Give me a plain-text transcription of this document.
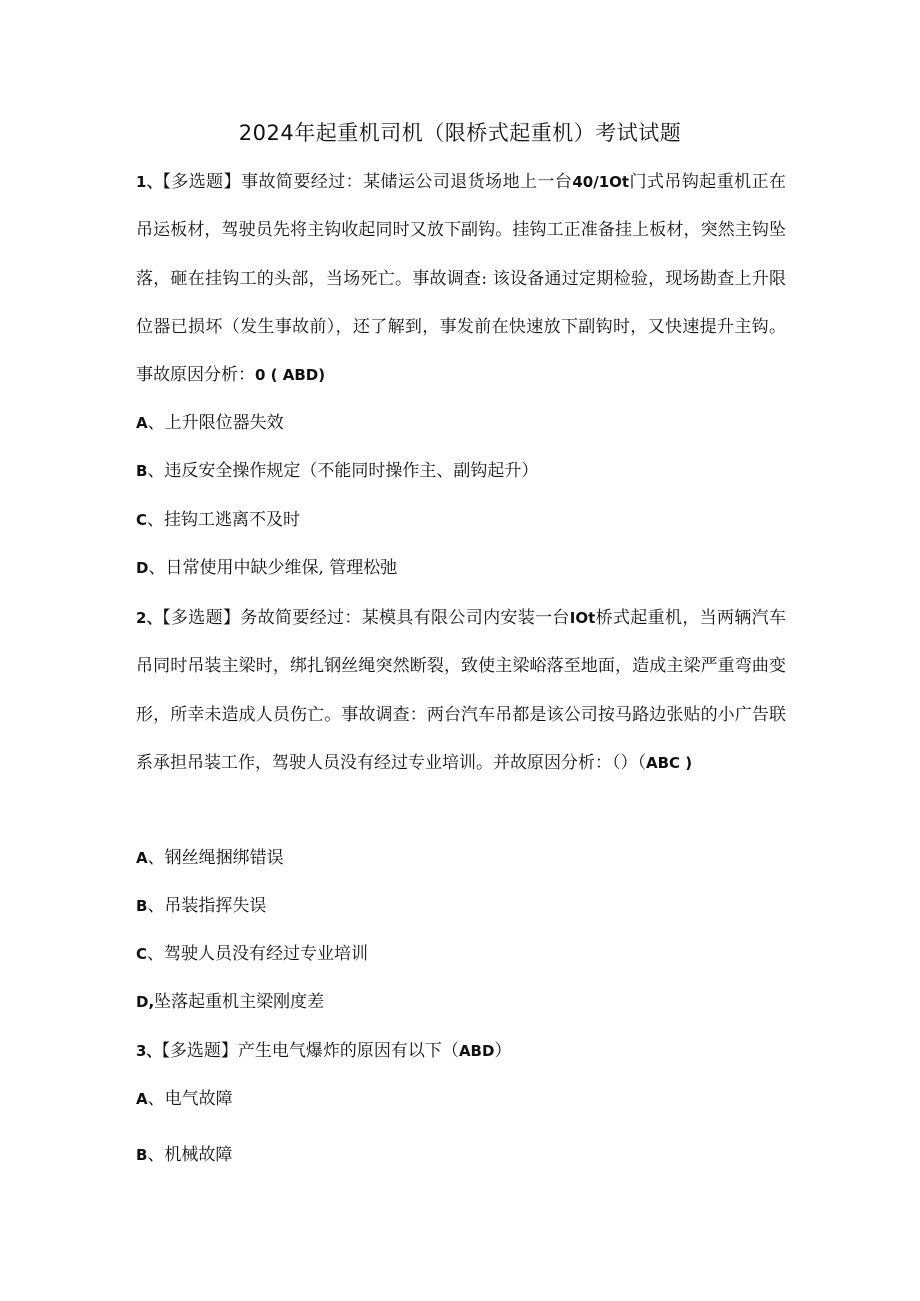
2024年起重机司机（限桥式起重机）考试试题
1、【多选题】事故简要经过：某储运公司退货场地上一台40/1Ot门式吊钩起重机正在吊运板材，驾驶员先将主钩收起同时又放下副钩。挂钩工正准备挂上板材，突然主钩坠落，砸在挂钩工的头部，当场死亡。事故调查: 该设备通过定期检验，现场勘查上升限位器已损坏（发生事故前），还了解到，事发前在快速放下副钩时，又快速提升主钩。事故原因分析：0 ( ABD)
A、上升限位器失效
B、违反安全操作规定（不能同时操作主、副钩起升）
C、挂钩工逃离不及时
D、日常使用中缺少维保, 管理松弛
2、【多选题】务故简要经过：某模具有限公司内安装一台IOt桥式起重机，当两辆汽车吊同时吊装主梁时，绑扎钢丝绳突然断裂，致使主梁峪落至地面，造成主梁严重弯曲变形，所幸未造成人员伤亡。事故调查：两台汽车吊都是该公司按马路边张贴的小广告联系承担吊装工作，驾驶人员没有经过专业培训。并故原因分析：（）（ABC )
A、钢丝绳捆绑错误
B、吊装指挥失误
C、驾驶人员没有经过专业培训
D,坠落起重机主梁刚度差
3、【多选题】产生电气爆炸的原因有以下（ABD）
A、电气故障
B、机械故障
